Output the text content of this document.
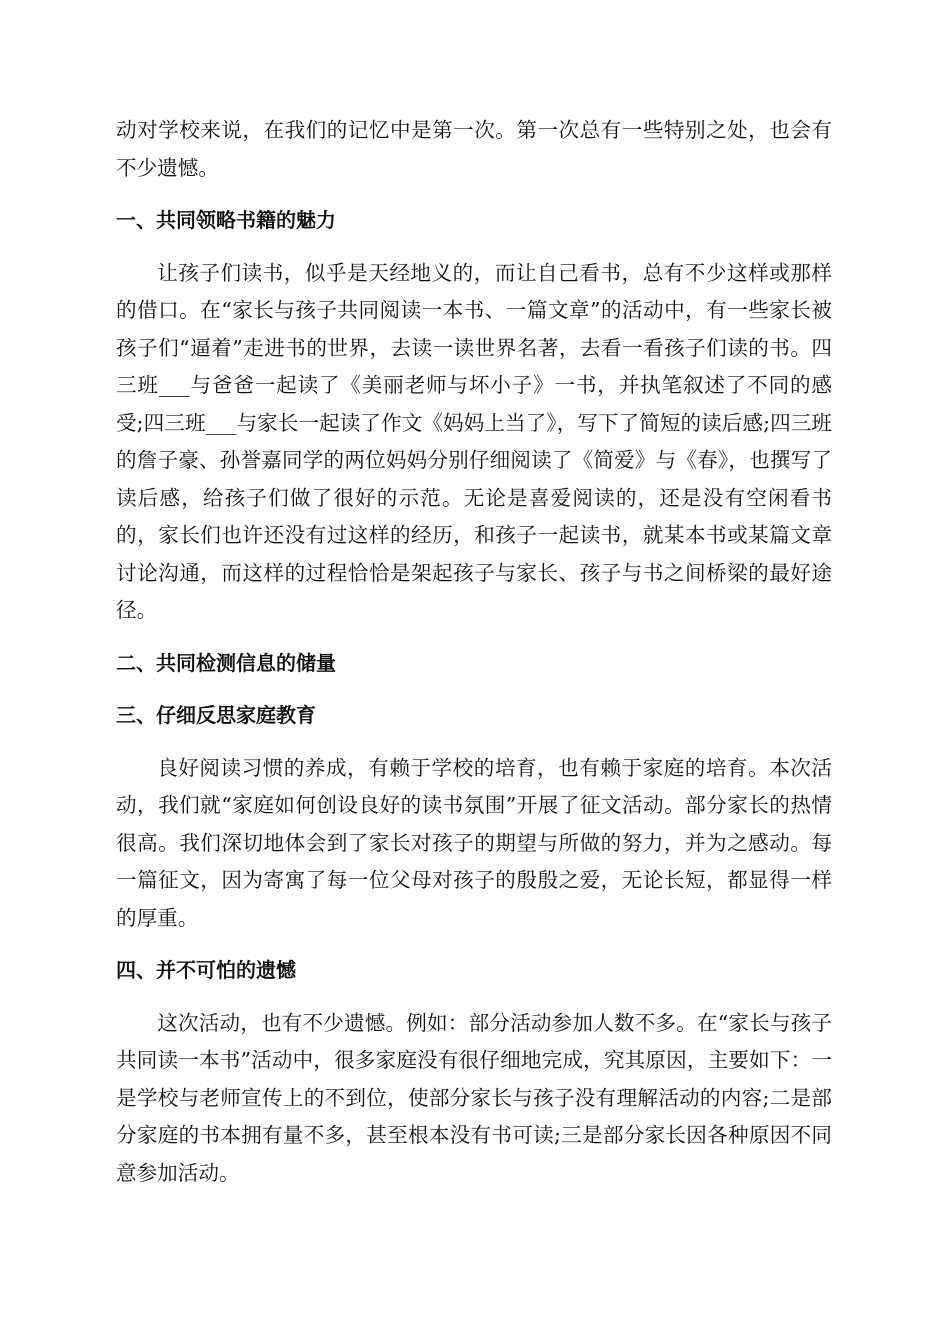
动对学校来说，在我们的记忆中是第一次。第一次总有一些特别之处，也会有不少遗憾。

一、共同领略书籍的魅力

让孩子们读书，似乎是天经地义的，而让自己看书，总有不少这样或那样的借口。在“家长与孩子共同阅读一本书、一篇文章”的活动中，有一些家长被孩子们“逼着”走进书的世界，去读一读世界名著，去看一看孩子们读的书。四三班___与爸爸一起读了《美丽老师与坏小子》一书，并执笔叙述了不同的感受;四三班___与家长一起读了作文《妈妈上当了》，写下了简短的读后感;四三班的詹子豪、孙誉嘉同学的两位妈妈分别仔细阅读了《简爱》与《春》，也撰写了读后感，给孩子们做了很好的示范。无论是喜爱阅读的，还是没有空闲看书的，家长们也许还没有过这样的经历，和孩子一起读书，就某本书或某篇文章讨论沟通，而这样的过程恰恰是架起孩子与家长、孩子与书之间桥梁的最好途径。

二、共同检测信息的储量
三、仔细反思家庭教育

良好阅读习惯的养成，有赖于学校的培育，也有赖于家庭的培育。本次活动，我们就“家庭如何创设良好的读书氛围”开展了征文活动。部分家长的热情很高。我们深切地体会到了家长对孩子的期望与所做的努力，并为之感动。每一篇征文，因为寄寓了每一位父母对孩子的殷殷之爱，无论长短，都显得一样的厚重。

四、并不可怕的遗憾

这次活动，也有不少遗憾。例如：部分活动参加人数不多。在“家长与孩子共同读一本书”活动中，很多家庭没有很仔细地完成，究其原因，主要如下：一是学校与老师宣传上的不到位，使部分家长与孩子没有理解活动的内容;二是部分家庭的书本拥有量不多，甚至根本没有书可读;三是部分家长因各种原因不同意参加活动。
